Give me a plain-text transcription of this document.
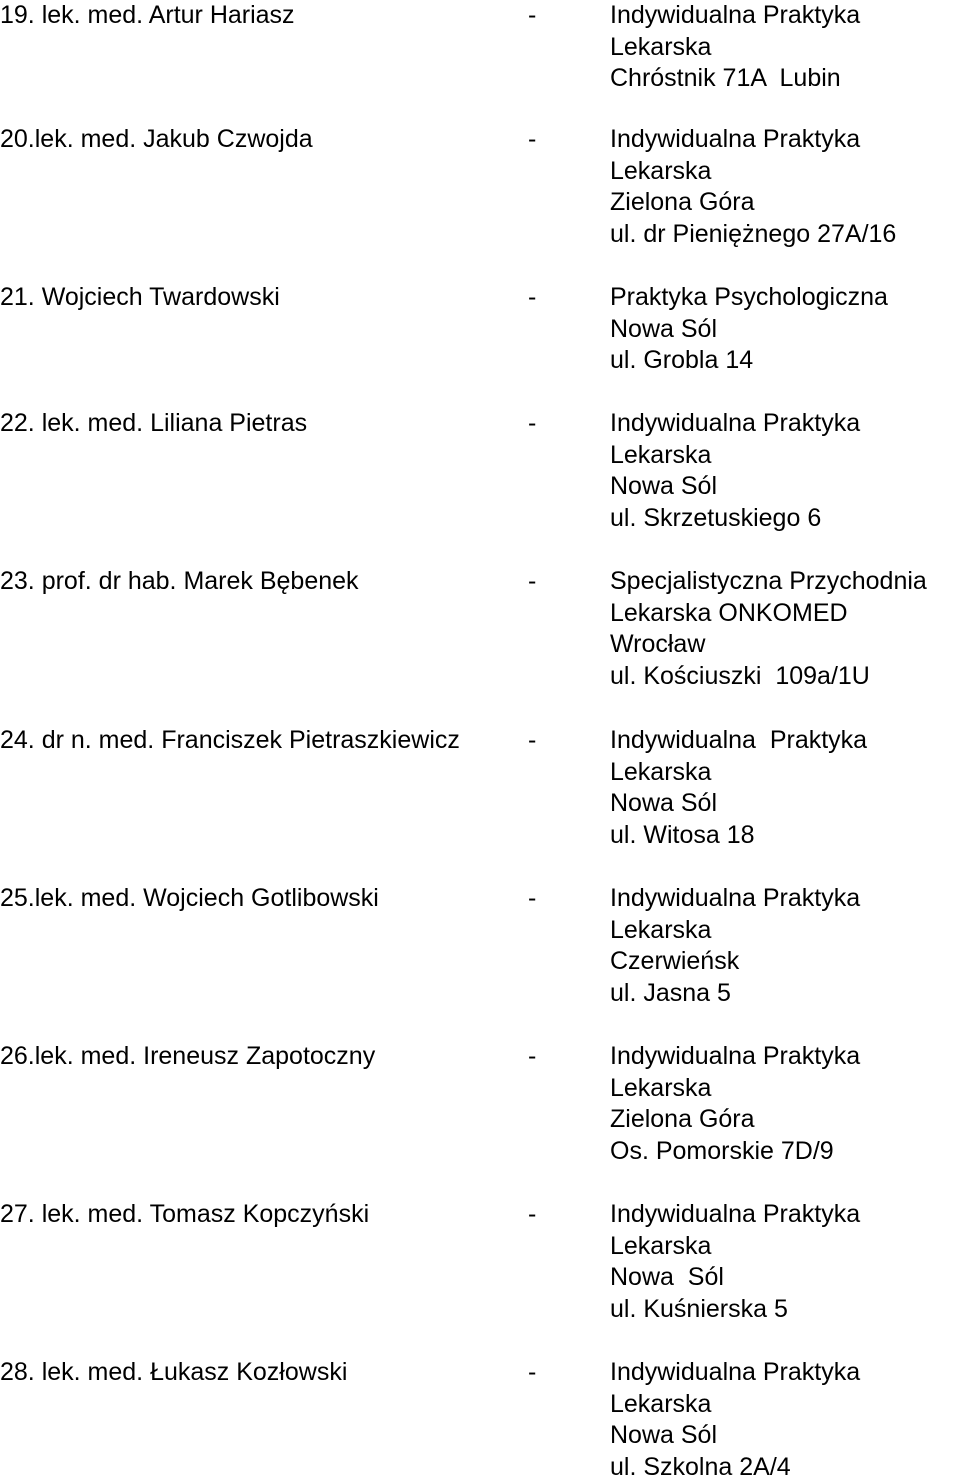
19. lek. med. Artur Hariasz	-	Indywidualna Praktyka
Lekarska
Chróstnik 71A  Lubin
20.lek. med. Jakub Czwojda	-	Indywidualna Praktyka
Lekarska
Zielona Góra
ul. dr Pieniężnego 27A/16
21. Wojciech Twardowski	-	Praktyka Psychologiczna
Nowa Sól
ul. Grobla 14
22. lek. med. Liliana Pietras	-	Indywidualna Praktyka
Lekarska
Nowa Sól
ul. Skrzetuskiego 6
23. prof. dr hab. Marek Bębenek	-	Specjalistyczna Przychodnia
Lekarska ONKOMED
Wrocław
ul. Kościuszki  109a/1U
24. dr n. med. Franciszek Pietraszkiewicz	-	Indywidualna  Praktyka
Lekarska
Nowa Sól
ul. Witosa 18
25.lek. med. Wojciech Gotlibowski	-	Indywidualna Praktyka
Lekarska
Czerwieńsk
ul. Jasna 5
26.lek. med. Ireneusz Zapotoczny	-	Indywidualna Praktyka
Lekarska
Zielona Góra
Os. Pomorskie 7D/9
27. lek. med. Tomasz Kopczyński	-	Indywidualna Praktyka
Lekarska
Nowa  Sól
ul. Kuśnierska 5
28. lek. med. Łukasz Kozłowski	-	Indywidualna Praktyka
Lekarska
Nowa Sól
ul. Szkolna 2A/4
